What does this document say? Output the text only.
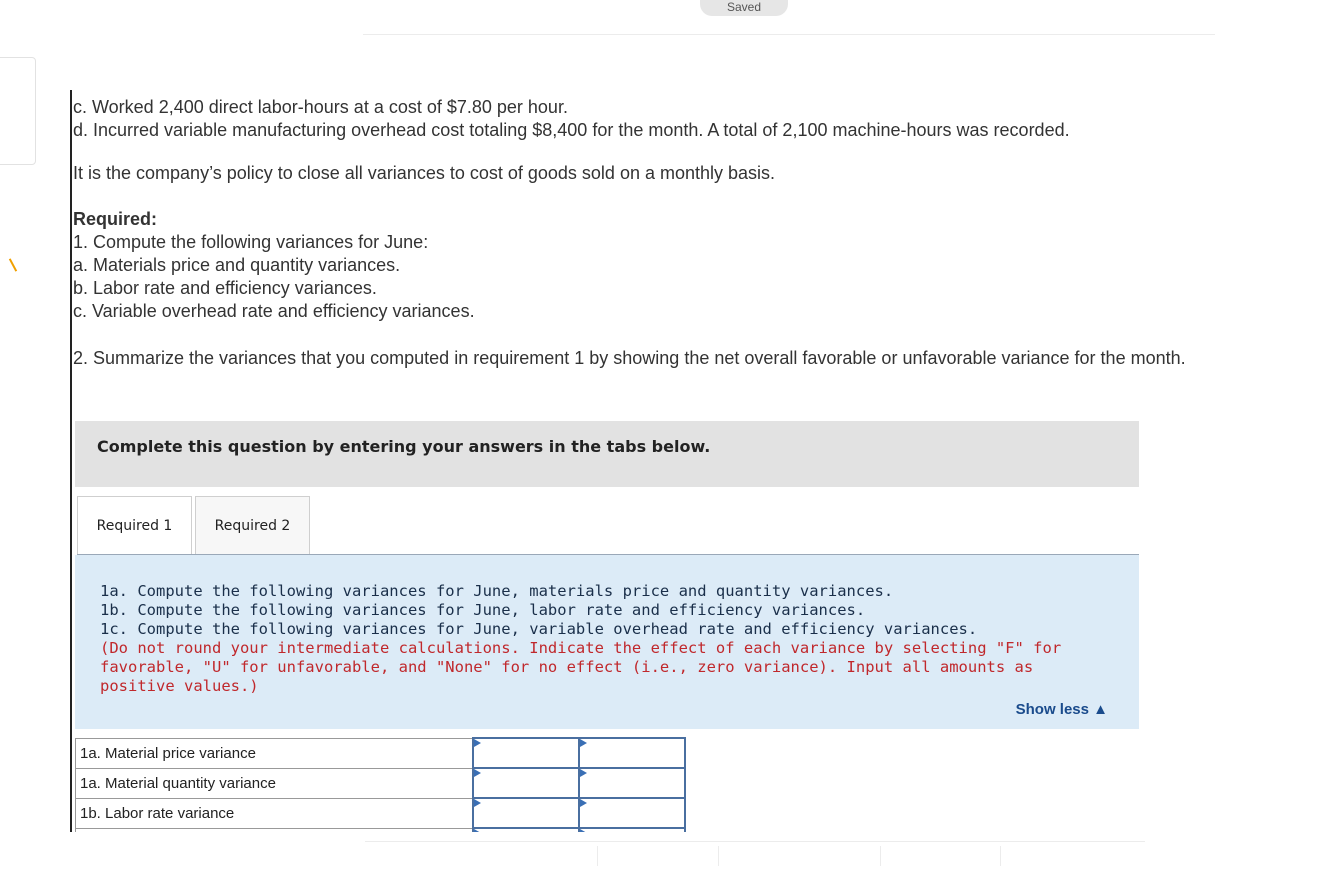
Saved
c. Worked 2,400 direct labor-hours at a cost of $7.80 per hour.
d. Incurred variable manufacturing overhead cost totaling $8,400 for the month. A total of 2,100 machine-hours was recorded.
It is the company’s policy to close all variances to cost of goods sold on a monthly basis.
Required:
1. Compute the following variances for June:
a. Materials price and quantity variances.
b. Labor rate and efficiency variances.
c. Variable overhead rate and efficiency variances.
2. Summarize the variances that you computed in requirement 1 by showing the net overall favorable or unfavorable variance for the month.
Complete this question by entering your answers in the tabs below.
Required 1	Required 2
1a. Compute the following variances for June, materials price and quantity variances.
1b. Compute the following variances for June, labor rate and efficiency variances.
1c. Compute the following variances for June, variable overhead rate and efficiency variances.
(Do not round your intermediate calculations. Indicate the effect of each variance by selecting "F" for favorable, "U" for unfavorable, and "None" for no effect (i.e., zero variance). Input all amounts as positive values.)
Show less ▲
1a. Material price variance		
1a. Material quantity variance		
1b. Labor rate variance		
